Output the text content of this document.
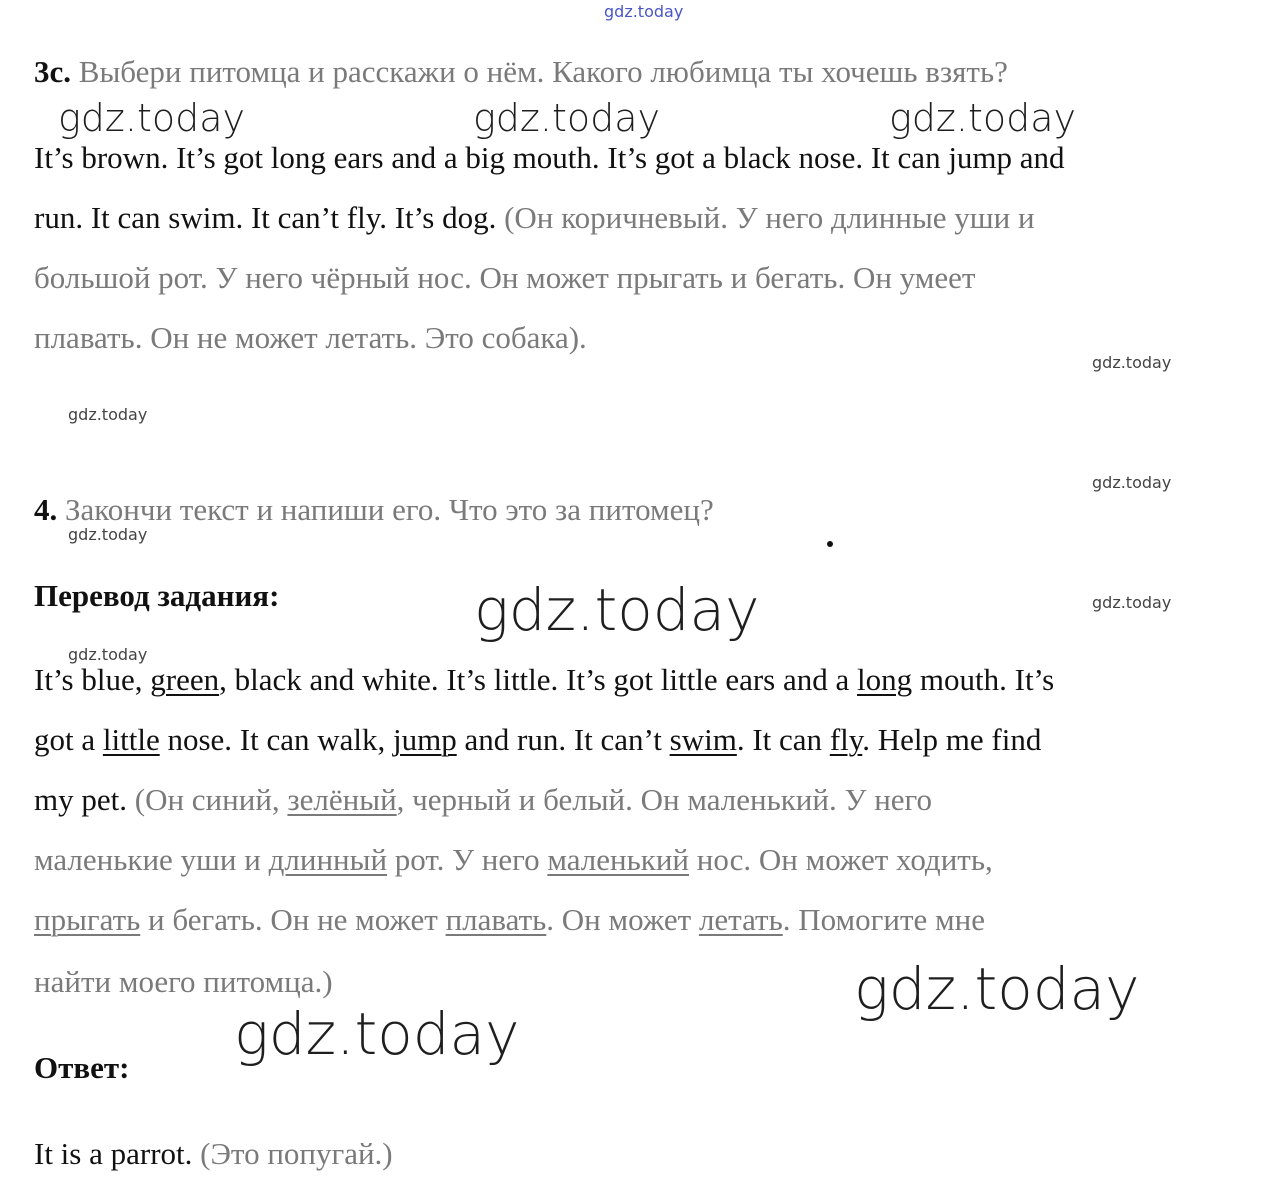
gdz.today
gdz.today	gdz.today	gdz.today
gdz.today
gdz.today
gdz.today
gdz.today
gdz.today	gdz.today
gdz.today
gdz.today
gdz.today

3с. Выбери питомца и расскажи о нём. Какого любимца ты хочешь взять?

It’s brown. It’s got long ears and a big mouth. It’s got a black nose. It can jump and

run. It can swim. It can’t fly. It’s dog. (Он коричневый. У него длинные уши и

большой рот. У него чёрный нос. Он может прыгать и бегать. Он умеет

плавать. Он не может летать. Это собака).

4. Закончи текст и напиши его. Что это за питомец?

Перевод задания:

It’s blue, green, black and white. It’s little. It’s got little ears and a long mouth. It’s

got a little nose. It can walk, jump and run. It can’t swim. It can fly. Help me find

my pet. (Он синий, зелёный, черный и белый. Он маленький. У него

маленькие уши и длинный рот. У него маленький нос. Он может ходить,

прыгать и бегать. Он не может плавать. Он может летать. Помогите мне

найти моего питомца.)

Ответ:

It is a parrot. (Это попугай.)
